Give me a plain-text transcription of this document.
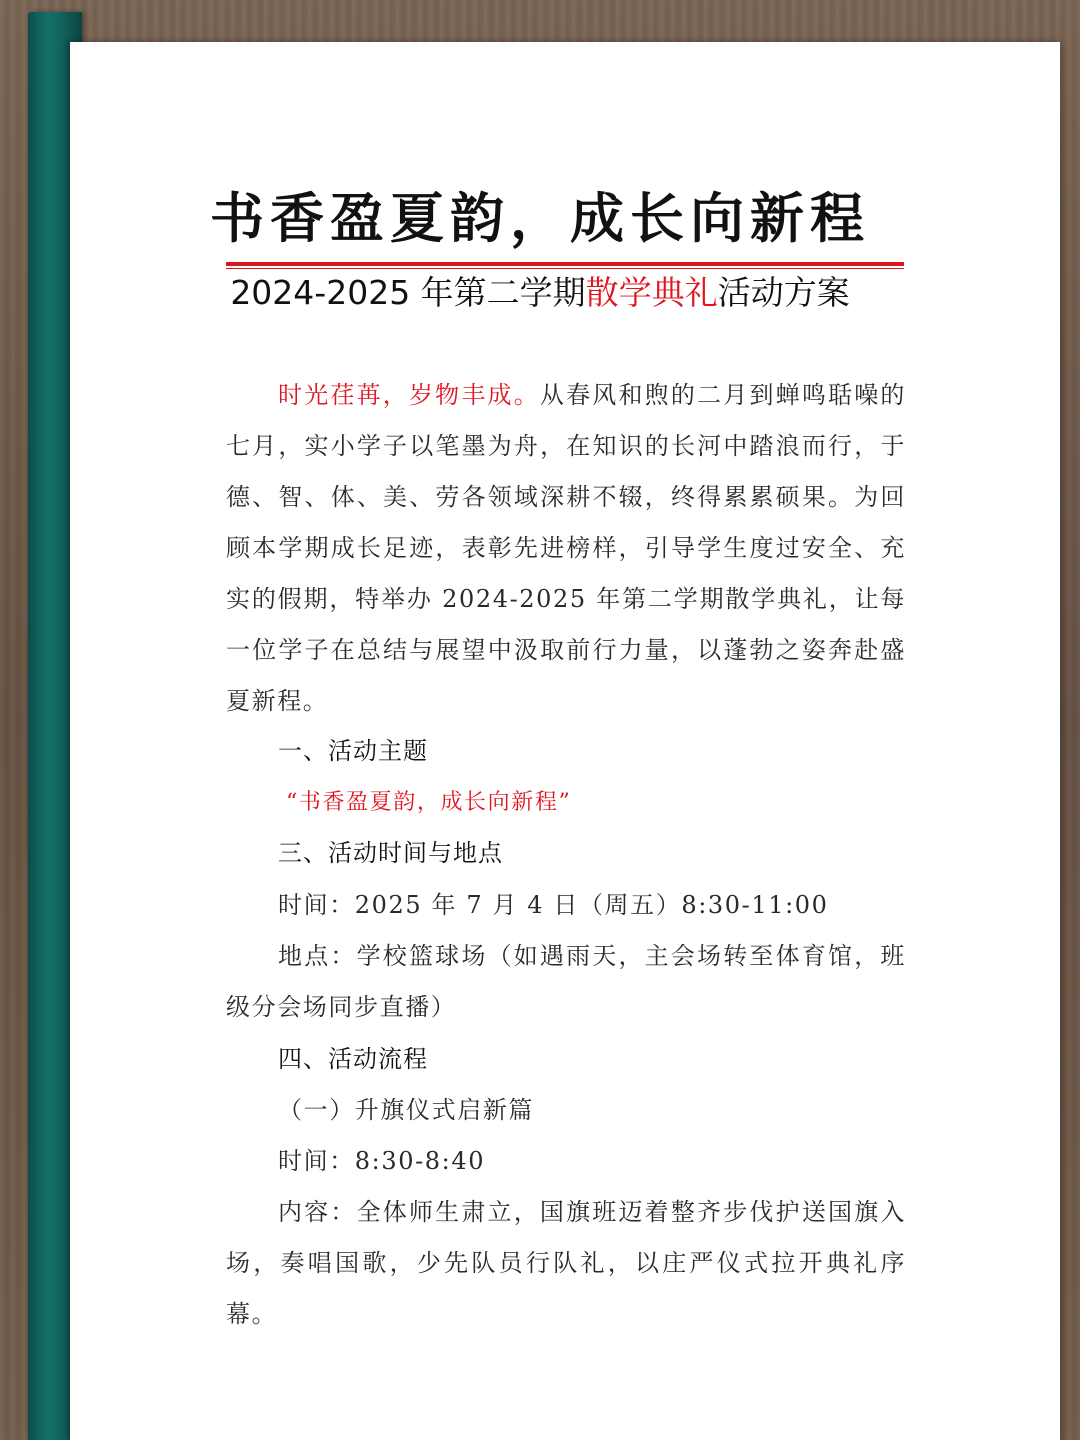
书香盈夏韵，成长向新程

2024-2025 年第二学期散学典礼活动方案

时光荏苒，岁物丰成。从春风和煦的二月到蝉鸣聒噪的七月，实小学子以笔墨为舟，在知识的长河中踏浪而行，于德、智、体、美、劳各领域深耕不辍，终得累累硕果。为回顾本学期成长足迹，表彰先进榜样，引导学生度过安全、充实的假期，特举办 2024-2025 年第二学期散学典礼，让每一位学子在总结与展望中汲取前行力量，以蓬勃之姿奔赴盛夏新程。

一、活动主题

“书香盈夏韵，成长向新程”

三、活动时间与地点

时间：2025 年 7 月 4 日（周五）8:30-11:00

地点：学校篮球场（如遇雨天，主会场转至体育馆，班级分会场同步直播）

四、活动流程

（一）升旗仪式启新篇

时间：8:30-8:40

内容：全体师生肃立，国旗班迈着整齐步伐护送国旗入场，奏唱国歌，少先队员行队礼，以庄严仪式拉开典礼序幕。
